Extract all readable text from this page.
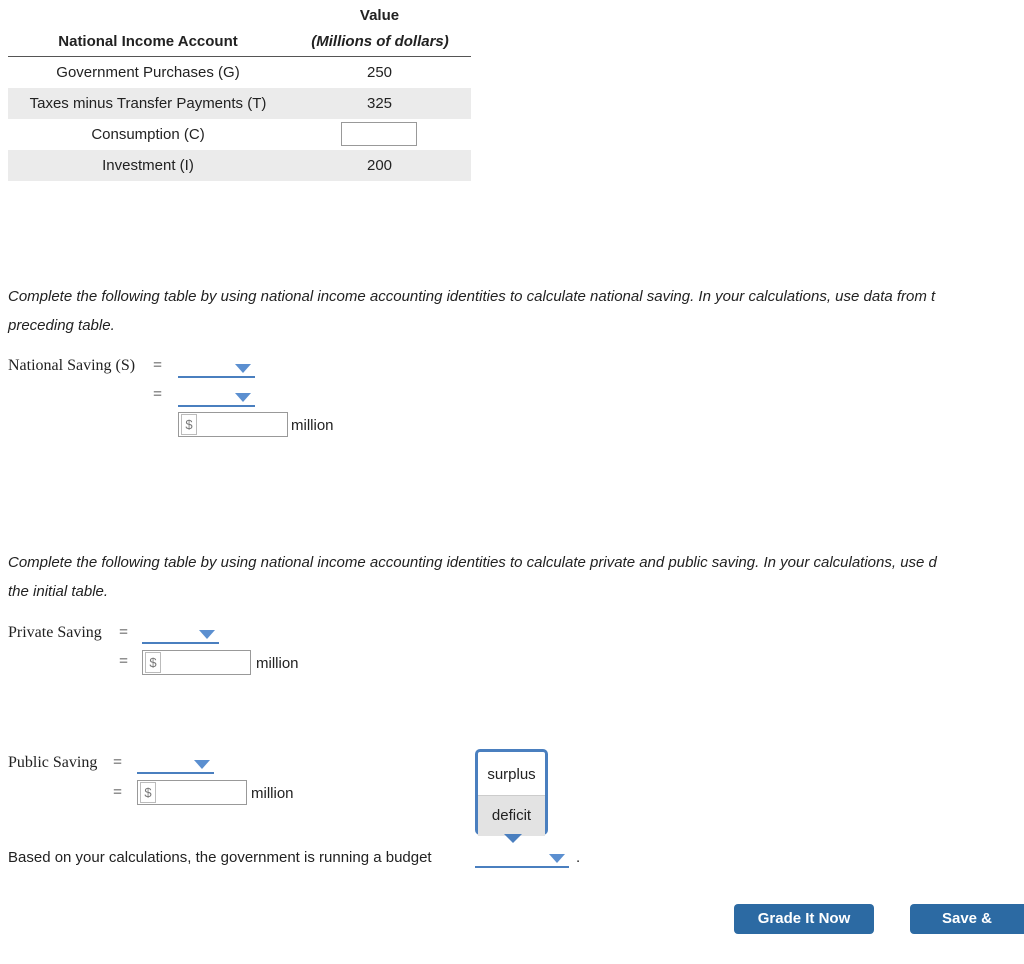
Value
National Income Account	(Millions of dollars)
Government Purchases (G)	250
Taxes minus Transfer Payments (T)	325
Consumption (C)
Investment (I)	200
Complete the following table by using national income accounting identities to calculate national saving. In your calculations, use data from t
preceding table.
National Saving (S) =
=
$	million
Complete the following table by using national income accounting identities to calculate private and public saving. In your calculations, use d
the initial table.
Private Saving =
=	$	million
Public Saving =
=	$	million
surplus
deficit
Based on your calculations, the government is running a budget	.
Grade It Now	Save & Continue
